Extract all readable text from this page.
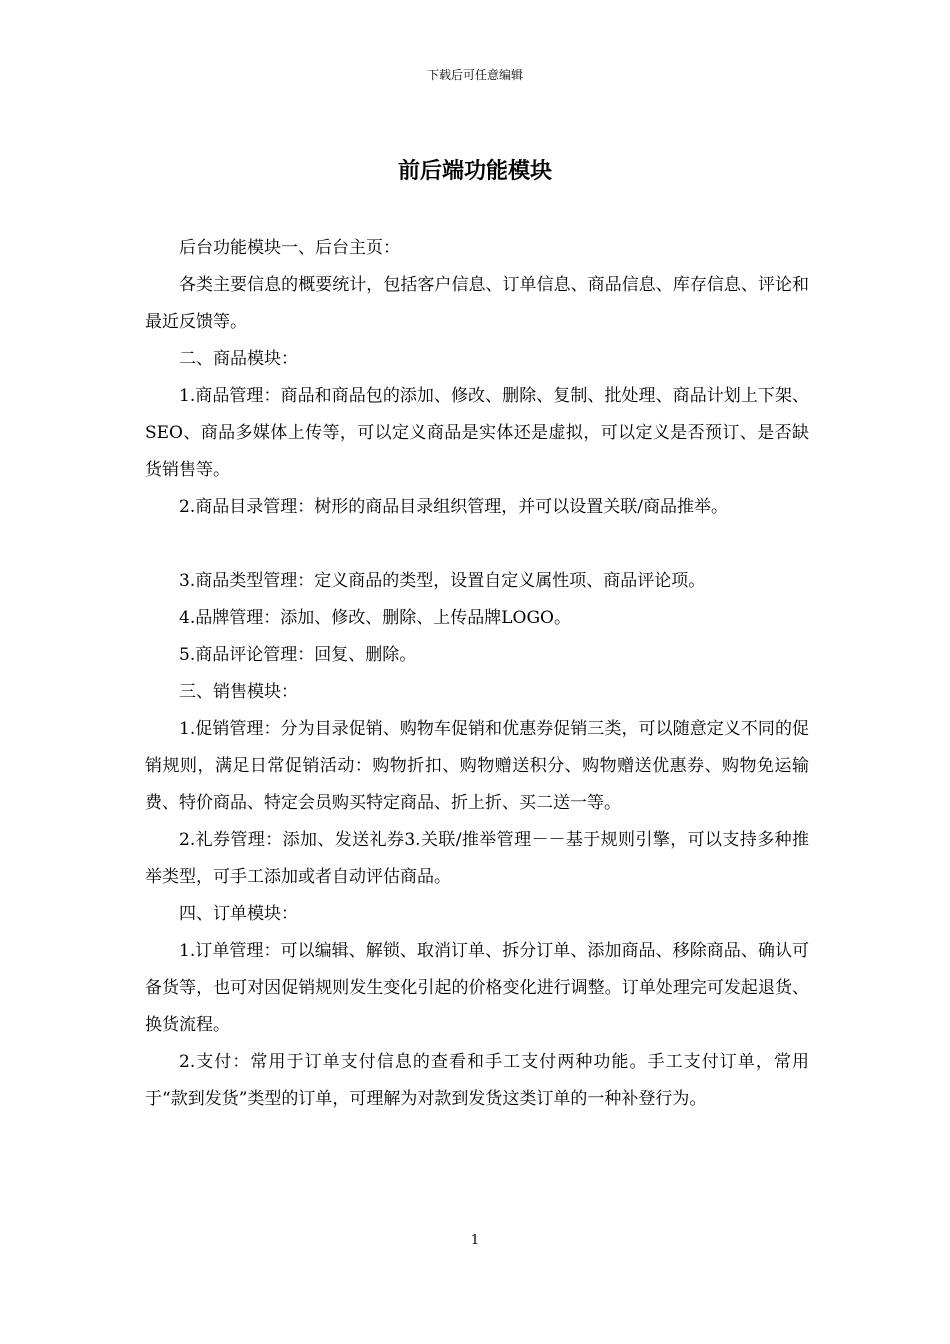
下载后可任意编辑
前后端功能模块

后台功能模块一、后台主页：

各类主要信息的概要统计，包括客户信息、订单信息、商品信息、库存信息、评论和最近反馈等。

二、商品模块：

1.商品管理：商品和商品包的添加、修改、删除、复制、批处理、商品计划上下架、SEO、商品多媒体上传等，可以定义商品是实体还是虚拟，可以定义是否预订、是否缺货销售等。

2.商品目录管理：树形的商品目录组织管理，并可以设置关联/商品推举。

3.商品类型管理：定义商品的类型，设置自定义属性项、商品评论项。

4.品牌管理：添加、修改、删除、上传品牌LOGO。

5.商品评论管理：回复、删除。

三、销售模块：

1.促销管理：分为目录促销、购物车促销和优惠券促销三类，可以随意定义不同的促销规则，满足日常促销活动：购物折扣、购物赠送积分、购物赠送优惠券、购物免运输费、特价商品、特定会员购买特定商品、折上折、买二送一等。

2.礼券管理：添加、发送礼券3.关联/推举管理－－基于规则引擎，可以支持多种推举类型，可手工添加或者自动评估商品。

四、订单模块：

1.订单管理：可以编辑、解锁、取消订单、拆分订单、添加商品、移除商品、确认可备货等，也可对因促销规则发生变化引起的价格变化进行调整。订单处理完可发起退货、换货流程。

2.支付：常用于订单支付信息的查看和手工支付两种功能。手工支付订单，常用于“款到发货”类型的订单，可理解为对款到发货这类订单的一种补登行为。

1
